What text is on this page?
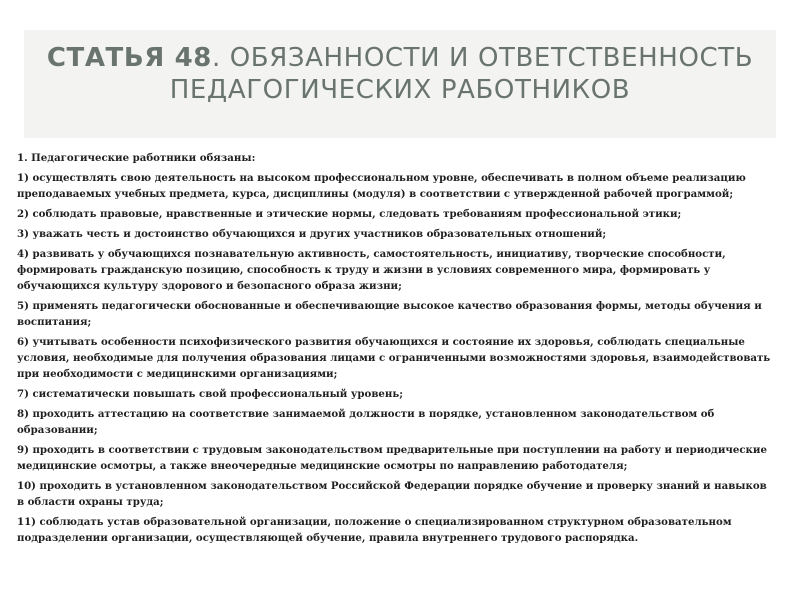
СТАТЬЯ 48. ОБЯЗАННОСТИ И ОТВЕТСТВЕННОСТЬ
ПЕДАГОГИЧЕСКИХ РАБОТНИКОВ

1. Педагогические работники обязаны:

1) осуществлять свою деятельность на высоком профессиональном уровне, обеспечивать в полном объеме реализацию преподаваемых учебных предмета, курса, дисциплины (модуля) в соответствии с утвержденной рабочей программой;

2) соблюдать правовые, нравственные и этические нормы, следовать требованиям профессиональной этики;

3) уважать честь и достоинство обучающихся и других участников образовательных отношений;

4) развивать у обучающихся познавательную активность, самостоятельность, инициативу, творческие способности, формировать гражданскую позицию, способность к труду и жизни в условиях современного мира, формировать у обучающихся культуру здорового и безопасного образа жизни;

5) применять педагогически обоснованные и обеспечивающие высокое качество образования формы, методы обучения и воспитания;

6) учитывать особенности психофизического развития обучающихся и состояние их здоровья, соблюдать специальные условия, необходимые для получения образования лицами с ограниченными возможностями здоровья, взаимодействовать при необходимости с медицинскими организациями;

7) систематически повышать свой профессиональный уровень;

8) проходить аттестацию на соответствие занимаемой должности в порядке, установленном законодательством об образовании;

9) проходить в соответствии с трудовым законодательством предварительные при поступлении на работу и периодические медицинские осмотры, а также внеочередные медицинские осмотры по направлению работодателя;

10) проходить в установленном законодательством Российской Федерации порядке обучение и проверку знаний и навыков в области охраны труда;

11) соблюдать устав образовательной организации, положение о специализированном структурном образовательном подразделении организации, осуществляющей обучение, правила внутреннего трудового распорядка.
